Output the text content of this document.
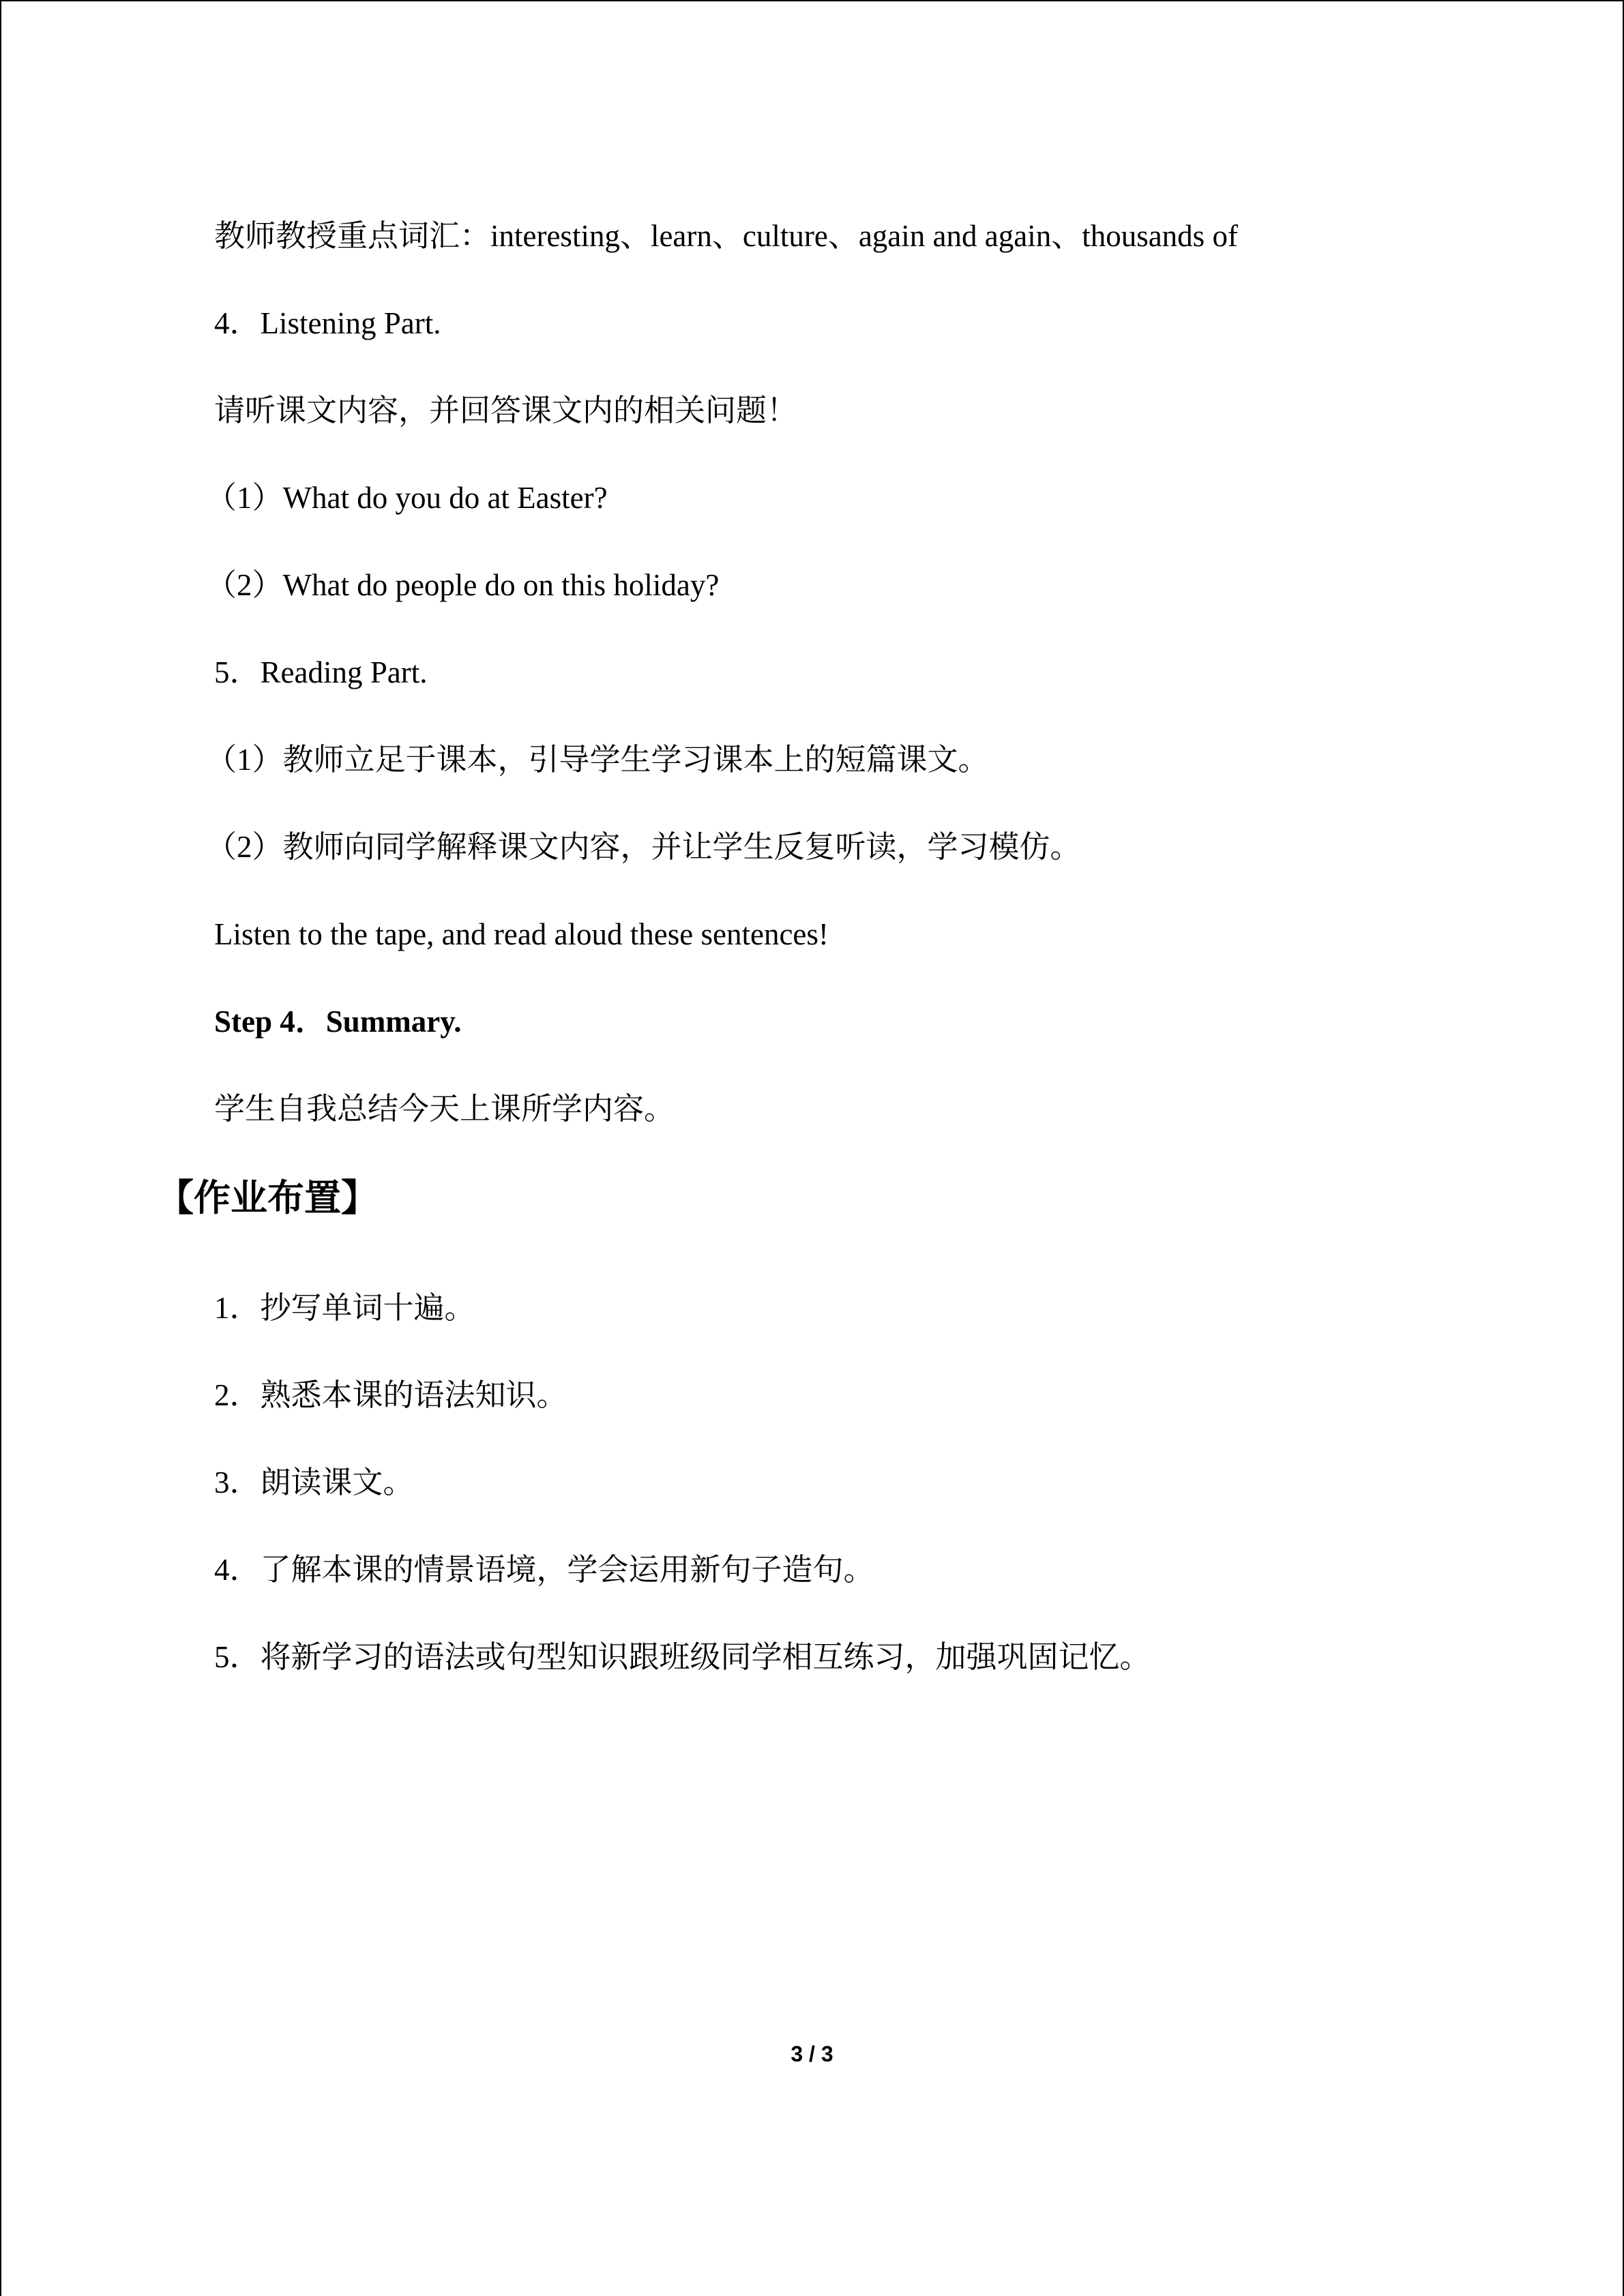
教师教授重点词汇：interesting、learn、culture、again and again、thousands of
4．Listening Part.
请听课文内容，并回答课文内的相关问题！
（1）What do you do at Easter?
（2）What do people do on this holiday?
5．Reading Part.
（1）教师立足于课本，引导学生学习课本上的短篇课文。
（2）教师向同学解释课文内容，并让学生反复听读，学习模仿。
Listen to the tape, and read aloud these sentences!
Step 4．Summary.
学生自我总结今天上课所学内容。
【作业布置】
1．抄写单词十遍。
2．熟悉本课的语法知识。
3．朗读课文。
4．了解本课的情景语境，学会运用新句子造句。
5．将新学习的语法或句型知识跟班级同学相互练习，加强巩固记忆。
3 / 3
